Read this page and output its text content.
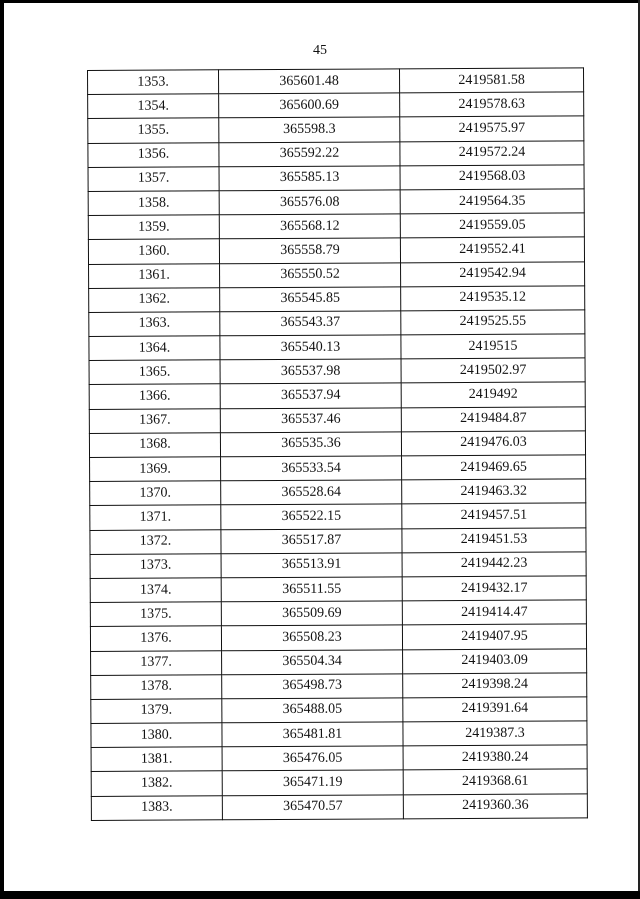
45
1353.	365601.48	2419581.58
1354.	365600.69	2419578.63
1355.	365598.3	2419575.97
1356.	365592.22	2419572.24
1357.	365585.13	2419568.03
1358.	365576.08	2419564.35
1359.	365568.12	2419559.05
1360.	365558.79	2419552.41
1361.	365550.52	2419542.94
1362.	365545.85	2419535.12
1363.	365543.37	2419525.55
1364.	365540.13	2419515
1365.	365537.98	2419502.97
1366.	365537.94	2419492
1367.	365537.46	2419484.87
1368.	365535.36	2419476.03
1369.	365533.54	2419469.65
1370.	365528.64	2419463.32
1371.	365522.15	2419457.51
1372.	365517.87	2419451.53
1373.	365513.91	2419442.23
1374.	365511.55	2419432.17
1375.	365509.69	2419414.47
1376.	365508.23	2419407.95
1377.	365504.34	2419403.09
1378.	365498.73	2419398.24
1379.	365488.05	2419391.64
1380.	365481.81	2419387.3
1381.	365476.05	2419380.24
1382.	365471.19	2419368.61
1383.	365470.57	2419360.36
